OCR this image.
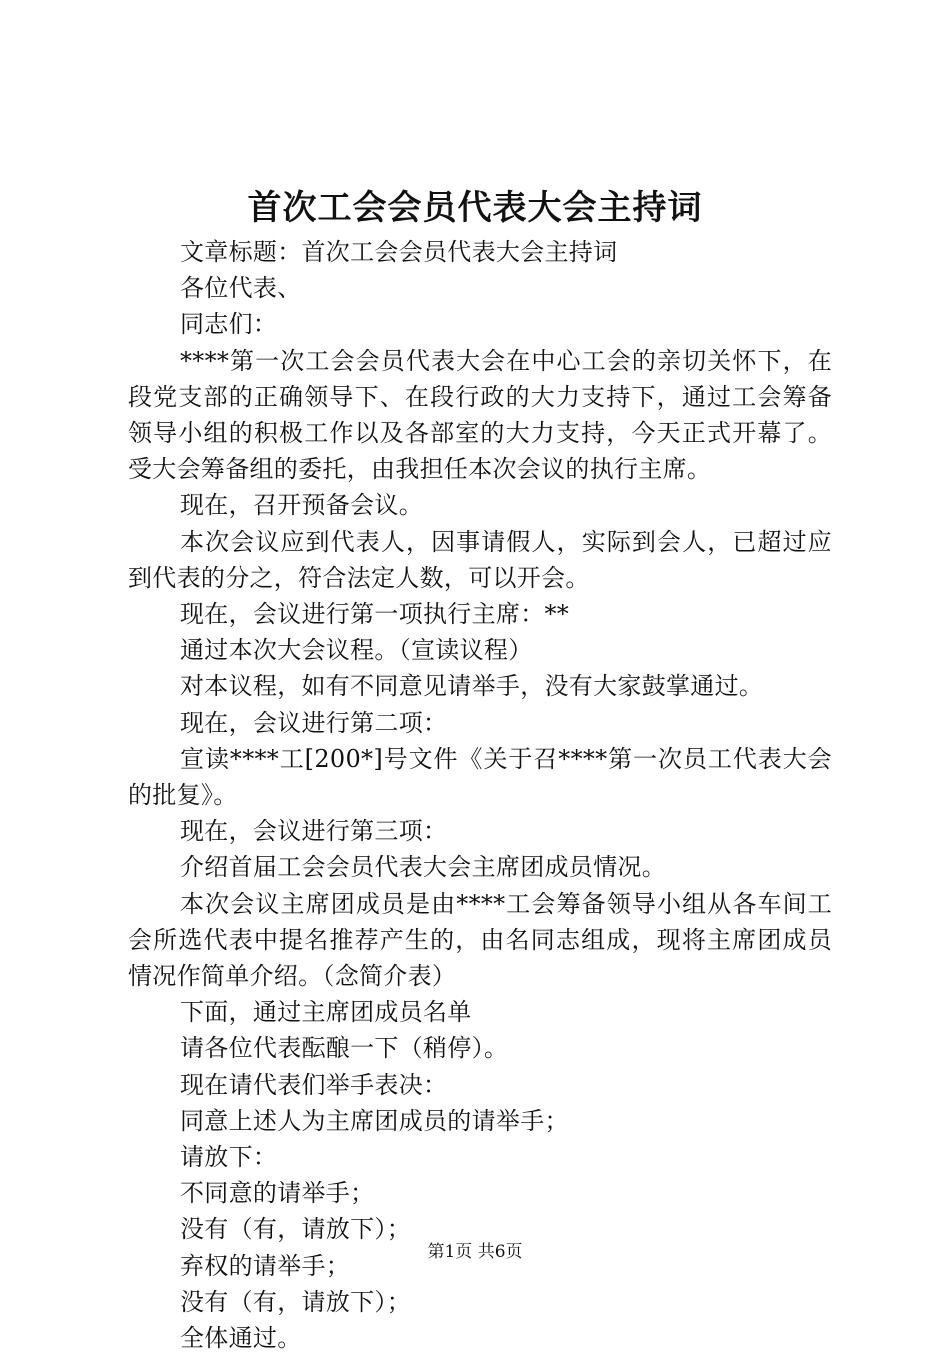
首次工会会员代表大会主持词

文章标题：首次工会会员代表大会主持词

各位代表、

同志们：

****第一次工会会员代表大会在中心工会的亲切关怀下，在段党支部的正确领导下、在段行政的大力支持下，通过工会筹备领导小组的积极工作以及各部室的大力支持，今天正式开幕了。受大会筹备组的委托，由我担任本次会议的执行主席。

现在，召开预备会议。

本次会议应到代表人，因事请假人，实际到会人，已超过应到代表的分之，符合法定人数，可以开会。

现在，会议进行第一项执行主席：**

通过本次大会议程。（宣读议程）

对本议程，如有不同意见请举手，没有大家鼓掌通过。

现在，会议进行第二项：

宣读****工[200*]号文件《关于召****第一次员工代表大会的批复》。

现在，会议进行第三项：

介绍首届工会会员代表大会主席团成员情况。

本次会议主席团成员是由****工会筹备领导小组从各车间工会所选代表中提名推荐产生的，由名同志组成，现将主席团成员情况作简单介绍。（念简介表）

下面，通过主席团成员名单

请各位代表酝酿一下（稍停）。

现在请代表们举手表决：

同意上述人为主席团成员的请举手；

请放下：

不同意的请举手；

没有（有，请放下）；

弃权的请举手；

没有（有，请放下）；

全体通过。

第1页 共6页
